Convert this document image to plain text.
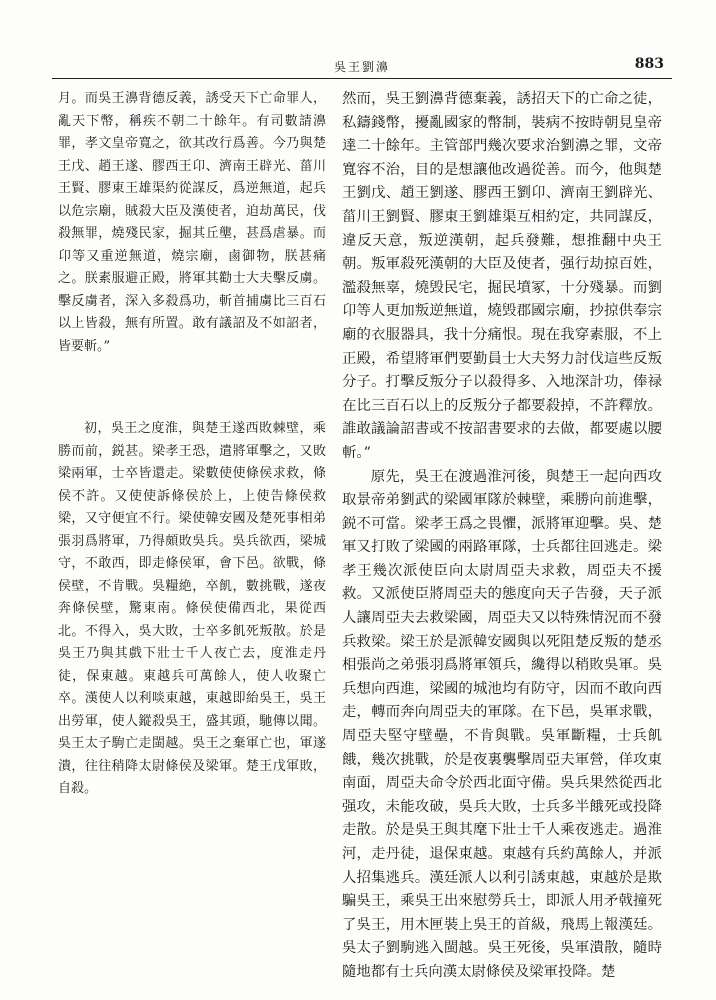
吳王劉濞	883

月。而吳王濞背德反義，誘受天下亡命罪人，亂天下幣，稱疾不朝二十餘年。有司數請濞罪，孝文皇帝寬之，欲其改行爲善。今乃與楚王戊、趙王遂、膠西王卬、濟南王辟光、菑川王賢、膠東王雄渠約從謀反，爲逆無道，起兵以危宗廟，賊殺大臣及漢使者，迫劫萬民，伐殺無罪，燒殘民家，掘其丘壟，甚爲虐暴。而卬等又重逆無道，燒宗廟，鹵御物，朕甚痛之。朕素服避正殿，將軍其勸士大夫擊反虜。擊反虜者，深入多殺爲功，斬首捕虜比三百石以上皆殺，無有所置。敢有議詔及不如詔者，皆要斬。”

初，吳王之度淮，與楚王遂西敗棘壁，乘勝而前，鋭甚。梁孝王恐，遣將軍擊之，又敗梁兩軍，士卒皆還走。梁數使使條侯求救，條侯不許。又使使訴條侯於上，上使告條侯救梁，又守便宜不行。梁使韓安國及楚死事相弟張羽爲將軍，乃得頗敗吳兵。吳兵欲西，梁城守，不敢西，即走條侯軍，會下邑。欲戰，條侯壁，不肯戰。吳糧絶，卒飢，數挑戰，遂夜奔條侯壁，驚東南。條侯使備西北，果從西北。不得入，吳大敗，士卒多飢死叛散。於是吳王乃與其戲下壯士千人夜亡去，度淮走丹徒，保東越。東越兵可萬餘人，使人收聚亡卒。漢使人以利啖東越，東越即紿吳王，吳王出勞軍，使人鏦殺吳王，盛其頭，馳傳以聞。吳王太子駒亡走閩越。吳王之棄軍亡也，軍遂潰，往往稍降太尉條侯及梁軍。楚王戊軍敗，自殺。

然而，吳王劉濞背德棄義，誘招天下的亡命之徒，私鑄錢幣，擾亂國家的幣制，裝病不按時朝見皇帝達二十餘年。主管部門幾次要求治劉濞之罪，文帝寬容不治，目的是想讓他改過從善。而今，他與楚王劉戊、趙王劉遂、膠西王劉卬、濟南王劉辟光、菑川王劉賢、膠東王劉雄渠互相約定，共同謀反，違反天意，叛逆漢朝，起兵發難，想推翻中央王朝。叛軍殺死漢朝的大臣及使者，强行劫掠百姓，濫殺無辜，燒毁民宅，掘民墳冢，十分殘暴。而劉卬等人更加叛逆無道，燒毁郡國宗廟，抄掠供奉宗廟的衣服器具，我十分痛恨。現在我穿素服，不上正殿，希望將軍們要勤員士大夫努力討伐這些反叛分子。打擊反叛分子以殺得多、入地深計功，俸禄在比三百石以上的反叛分子都要殺掉，不許釋放。誰敢議論詔書或不按詔書要求的去做，都要處以腰斬。”

原先，吳王在渡過淮河後，與楚王一起向西攻取景帝弟劉武的梁國軍隊於棘壁，乘勝向前進擊，鋭不可當。梁孝王爲之畏懼，派將軍迎擊。吳、楚軍又打敗了梁國的兩路軍隊，士兵都往回逃走。梁孝王幾次派使臣向太尉周亞夫求救，周亞夫不援救。又派使臣將周亞夫的態度向天子告發，天子派人讓周亞夫去救梁國，周亞夫又以特殊情況而不發兵救梁。梁王於是派韓安國與以死阻楚反叛的楚丞相張尚之弟張羽爲將軍領兵，纔得以稍敗吳軍。吳兵想向西進，梁國的城池均有防守，因而不敢向西走，轉而奔向周亞夫的軍隊。在下邑，吳軍求戰，周亞夫堅守壁壘，不肯與戰。吳軍斷糧，士兵飢餓，幾次挑戰，於是夜裏襲擊周亞夫軍營，佯攻東南面，周亞夫命令於西北面守備。吳兵果然從西北强攻，未能攻破，吳兵大敗，士兵多半餓死或投降走散。於是吳王與其麾下壯士千人乘夜逃走。過淮河，走丹徒，退保東越。東越有兵約萬餘人，并派人招集逃兵。漢廷派人以利引誘東越，東越於是欺騙吳王，乘吳王出來慰勞兵士，即派人用矛戟撞死了吳王，用木匣裝上吳王的首級，飛馬上報漢廷。吳太子劉駒逃入閩越。吳王死後，吳軍潰散，隨時隨地都有士兵向漢太尉條侯及梁軍投降。楚
